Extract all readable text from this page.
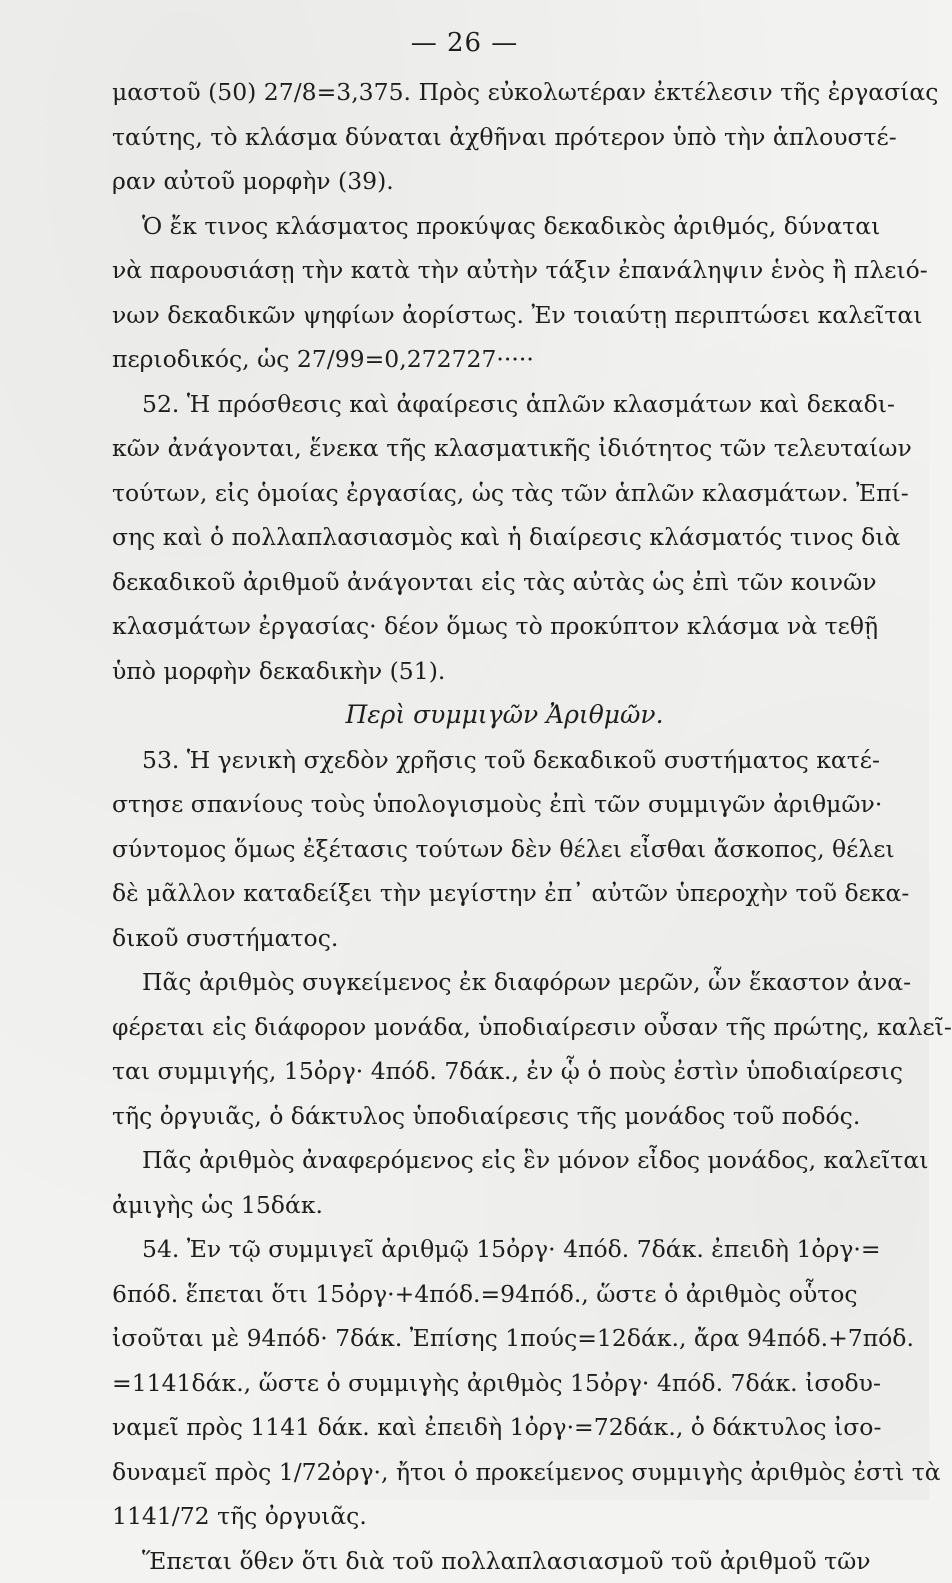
— 26 —
μαστοῦ (50) 27/8=3,375. Πρὸς εὐκολωτέραν ἐκτέλεσιν τῆς ἐργασίας
ταύτης, τὸ κλάσμα δύναται ἀχθῆναι πρότερον ὑπὸ τὴν ἁπλουστέ-
ραν αὐτοῦ μορφὴν (39).
Ὁ ἔκ τινος κλάσματος προκύψας δεκαδικὸς ἀριθμός, δύναται
νὰ παρουσιάσῃ τὴν κατὰ τὴν αὐτὴν τάξιν ἐπανάληψιν ἑνὸς ἢ πλειό-
νων δεκαδικῶν ψηφίων ἀορίστως. Ἐν τοιαύτῃ περιπτώσει καλεῖται
περιοδικός, ὡς 27/99=0,272727·····
52. Ἡ πρόσθεσις καὶ ἀφαίρεσις ἁπλῶν κλασμάτων καὶ δεκαδι-
κῶν ἀνάγονται, ἕνεκα τῆς κλασματικῆς ἰδιότητος τῶν τελευταίων
τούτων, εἰς ὁμοίας ἐργασίας, ὡς τὰς τῶν ἁπλῶν κλασμάτων. Ἐπί-
σης καὶ ὁ πολλαπλασιασμὸς καὶ ἡ διαίρεσις κλάσματός τινος διὰ
δεκαδικοῦ ἀριθμοῦ ἀνάγονται εἰς τὰς αὐτὰς ὡς ἐπὶ τῶν κοινῶν
κλασμάτων ἐργασίας· δέον ὅμως τὸ προκύπτον κλάσμα νὰ τεθῇ
ὑπὸ μορφὴν δεκαδικὴν (51).
Περὶ συμμιγῶν Ἀριθμῶν.
53. Ἡ γενικὴ σχεδὸν χρῆσις τοῦ δεκαδικοῦ συστήματος κατέ-
στησε σπανίους τοὺς ὑπολογισμοὺς ἐπὶ τῶν συμμιγῶν ἀριθμῶν·
σύντομος ὅμως ἐξέτασις τούτων δὲν θέλει εἶσθαι ἄσκοπος, θέλει
δὲ μᾶλλον καταδείξει τὴν μεγίστην ἐπ᾽ αὐτῶν ὑπεροχὴν τοῦ δεκα-
δικοῦ συστήματος.
Πᾶς ἀριθμὸς συγκείμενος ἐκ διαφόρων μερῶν, ὧν ἕκαστον ἀνα-
φέρεται εἰς διάφορον μονάδα, ὑποδιαίρεσιν οὖσαν τῆς πρώτης, καλεῖ-
ται συμμιγής, 15ὀργ· 4πόδ. 7δάκ., ἐν ᾧ ὁ ποὺς ἐστὶν ὑποδιαίρεσις
τῆς ὀργυιᾶς, ὁ δάκτυλος ὑποδιαίρεσις τῆς μονάδος τοῦ ποδός.
Πᾶς ἀριθμὸς ἀναφερόμενος εἰς ἓν μόνον εἶδος μονάδος, καλεῖται
ἀμιγὴς ὡς 15δάκ.
54. Ἐν τῷ συμμιγεῖ ἀριθμῷ 15ὀργ· 4πόδ. 7δάκ. ἐπειδὴ 1ὀργ·=
6πόδ. ἕπεται ὅτι 15ὀργ·+4πόδ.=94πόδ., ὥστε ὁ ἀριθμὸς οὗτος
ἰσοῦται μὲ 94πόδ· 7δάκ. Ἐπίσης 1πούς=12δάκ., ἄρα 94πόδ.+7πόδ.
=1141δάκ., ὥστε ὁ συμμιγὴς ἀριθμὸς 15ὀργ· 4πόδ. 7δάκ. ἰσοδυ-
ναμεῖ πρὸς 1141 δάκ. καὶ ἐπειδὴ 1ὀργ·=72δάκ., ὁ δάκτυλος ἰσο-
δυναμεῖ πρὸς 1/72ὀργ·, ἤτοι ὁ προκείμενος συμμιγὴς ἀριθμὸς ἐστὶ τὰ
1141/72 τῆς ὀργυιᾶς.
Ἕπεται ὅθεν ὅτι διὰ τοῦ πολλαπλασιασμοῦ τοῦ ἀριθμοῦ τῶν
